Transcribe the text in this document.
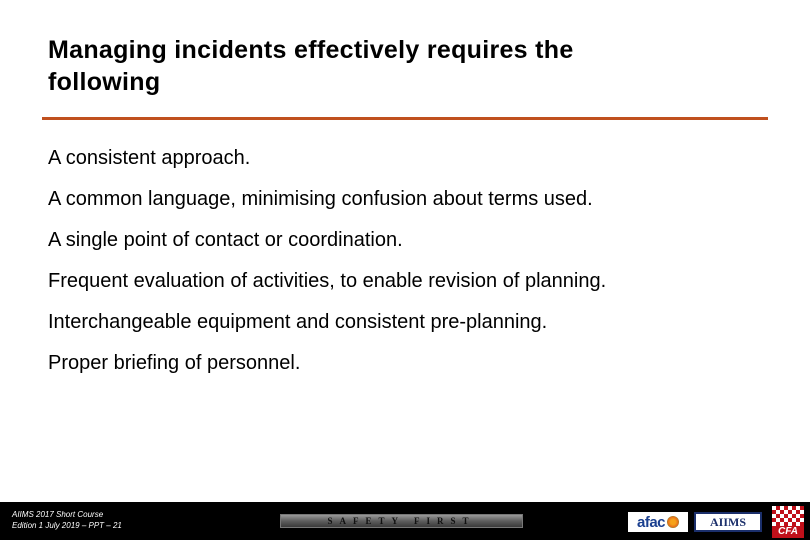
Managing incidents effectively requires the
following
A consistent approach.
A common language, minimising confusion about terms used.
A single point of contact or coordination.
Frequent evaluation of activities, to enable revision of planning.
Interchangeable equipment and consistent pre-planning.
Proper briefing of personnel.
AIIMS 2017 Short Course
Edition 1 July 2019 – PPT – 21	SAFETY FIRST	afac	AIIMS
CFA
